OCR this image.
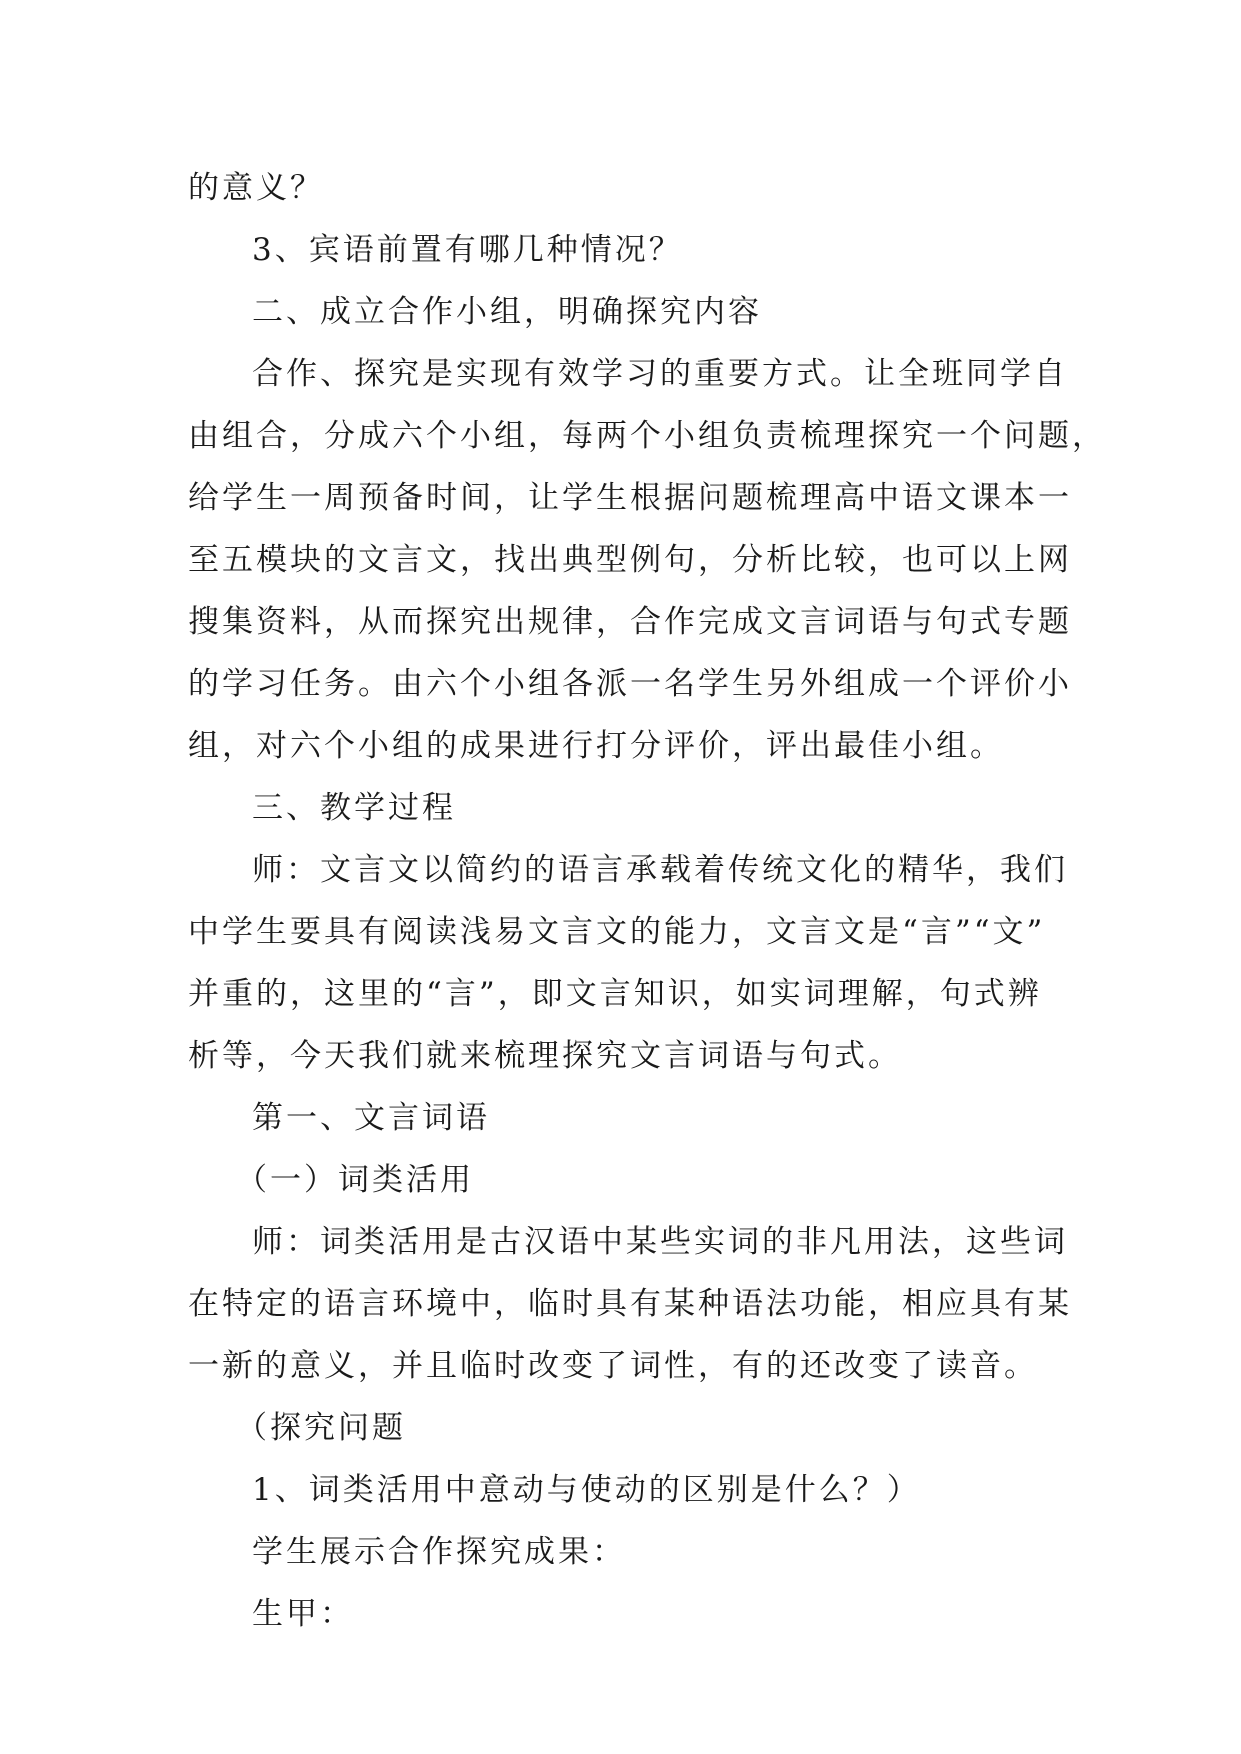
的意义？
3、宾语前置有哪几种情况？
二、成立合作小组，明确探究内容
合作、探究是实现有效学习的重要方式。让全班同学自
由组合，分成六个小组，每两个小组负责梳理探究一个问题，
给学生一周预备时间，让学生根据问题梳理高中语文课本一
至五模块的文言文，找出典型例句，分析比较，也可以上网
搜集资料，从而探究出规律，合作完成文言词语与句式专题
的学习任务。由六个小组各派一名学生另外组成一个评价小
组，对六个小组的成果进行打分评价，评出最佳小组。
三、教学过程
师：文言文以简约的语言承载着传统文化的精华，我们
中学生要具有阅读浅易文言文的能力，文言文是“言”“文”
并重的，这里的“言”，即文言知识，如实词理解，句式辨
析等，今天我们就来梳理探究文言词语与句式。
第一、文言词语
（一）词类活用
师：词类活用是古汉语中某些实词的非凡用法，这些词
在特定的语言环境中，临时具有某种语法功能，相应具有某
一新的意义，并且临时改变了词性，有的还改变了读音。
（探究问题
1、词类活用中意动与使动的区别是什么？）
学生展示合作探究成果：
生甲：
